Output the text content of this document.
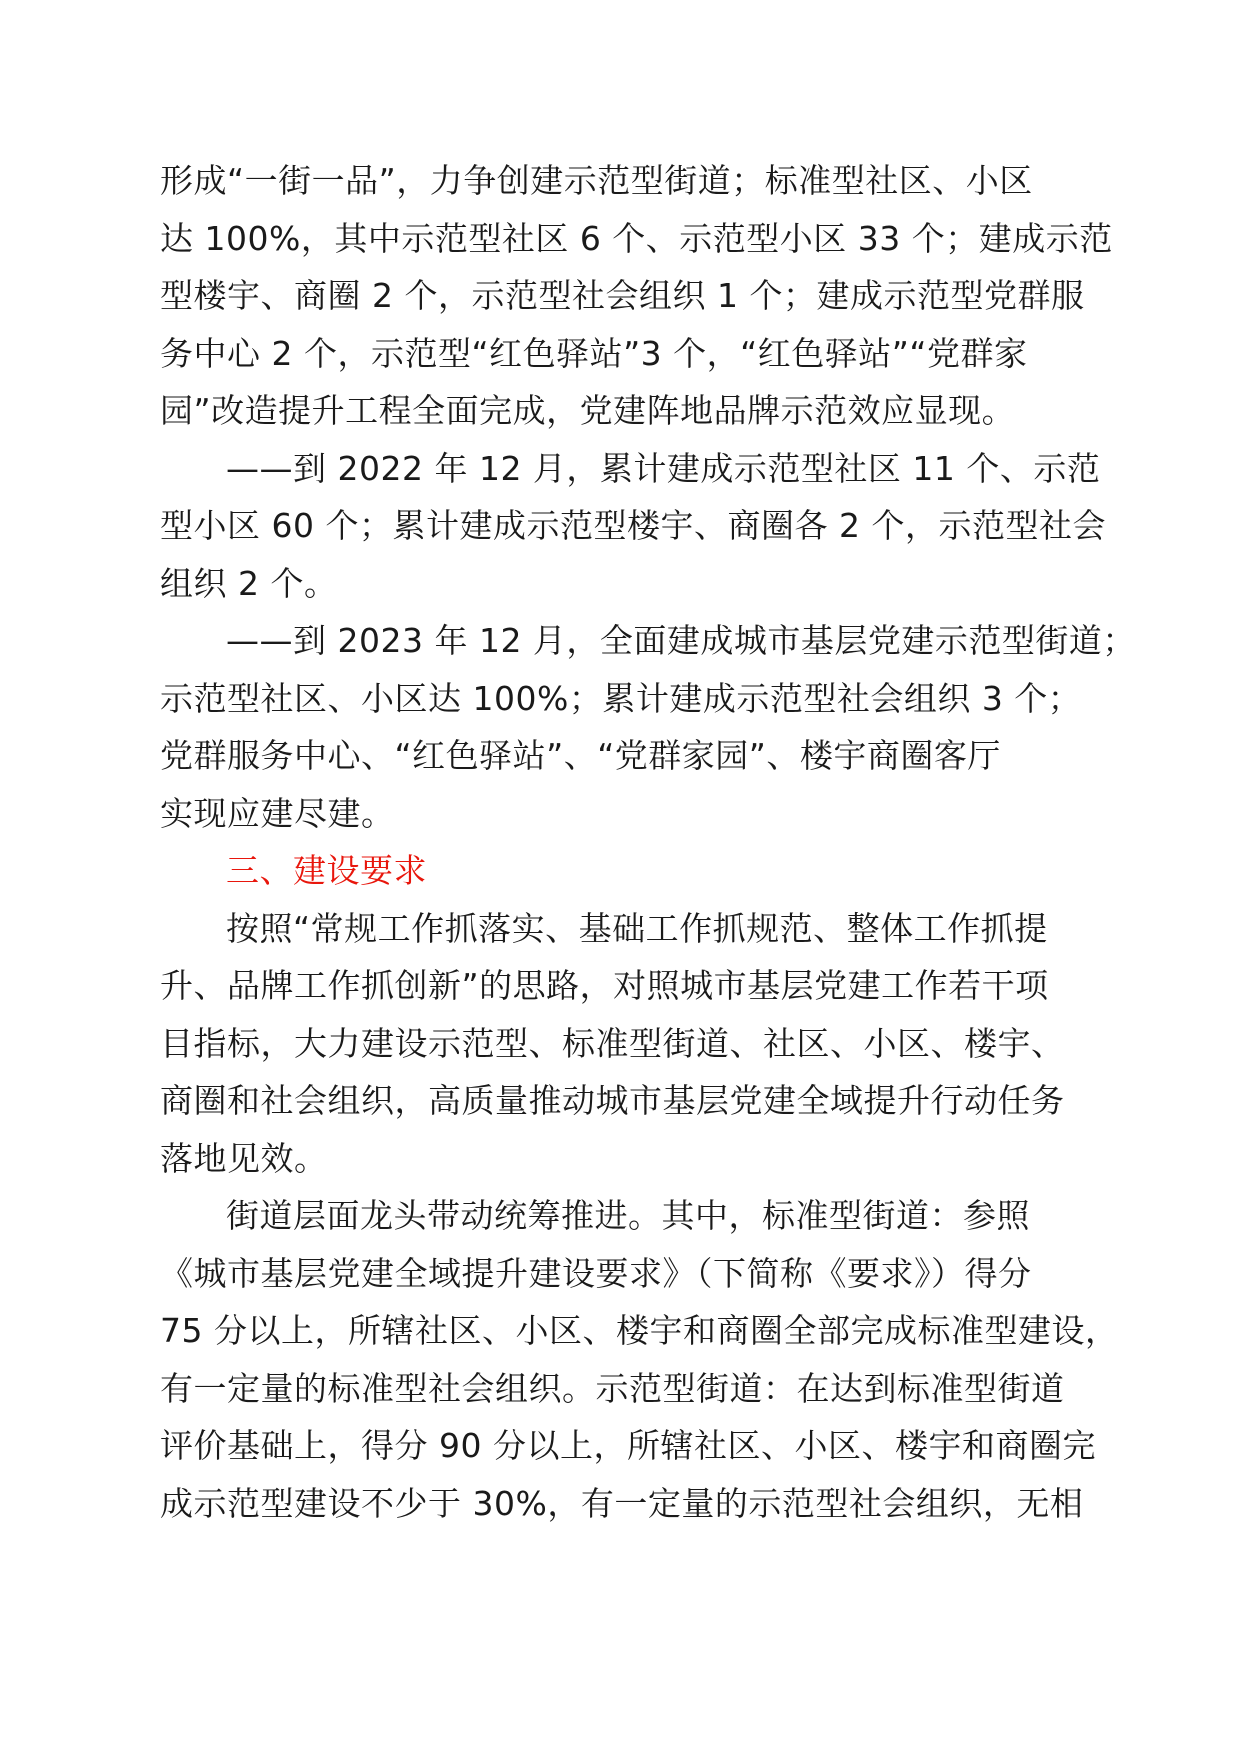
形成“一街一品”，力争创建示范型街道；标准型社区、小区
达 100%，其中示范型社区 6 个、示范型小区 33 个；建成示范
型楼宇、商圈 2 个，示范型社会组织 1 个；建成示范型党群服
务中心 2 个，示范型“红色驿站”3 个，“红色驿站”“党群家
园”改造提升工程全面完成，党建阵地品牌示范效应显现。

——到 2022 年 12 月，累计建成示范型社区 11 个、示范
型小区 60 个；累计建成示范型楼宇、商圈各 2 个，示范型社会
组织 2 个。

——到 2023 年 12 月，全面建成城市基层党建示范型街道；
示范型社区、小区达 100%；累计建成示范型社会组织 3 个；
党群服务中心、“红色驿站”、“党群家园”、楼宇商圈客厅
实现应建尽建。

三、建设要求

按照“常规工作抓落实、基础工作抓规范、整体工作抓提
升、品牌工作抓创新”的思路，对照城市基层党建工作若干项
目指标，大力建设示范型、标准型街道、社区、小区、楼宇、
商圈和社会组织，高质量推动城市基层党建全域提升行动任务
落地见效。

街道层面龙头带动统筹推进。其中，标准型街道：参照
《城市基层党建全域提升建设要求》（下简称《要求》）得分
75 分以上，所辖社区、小区、楼宇和商圈全部完成标准型建设，
有一定量的标准型社会组织。示范型街道：在达到标准型街道
评价基础上，得分 90 分以上，所辖社区、小区、楼宇和商圈完
成示范型建设不少于 30%，有一定量的示范型社会组织，无相
